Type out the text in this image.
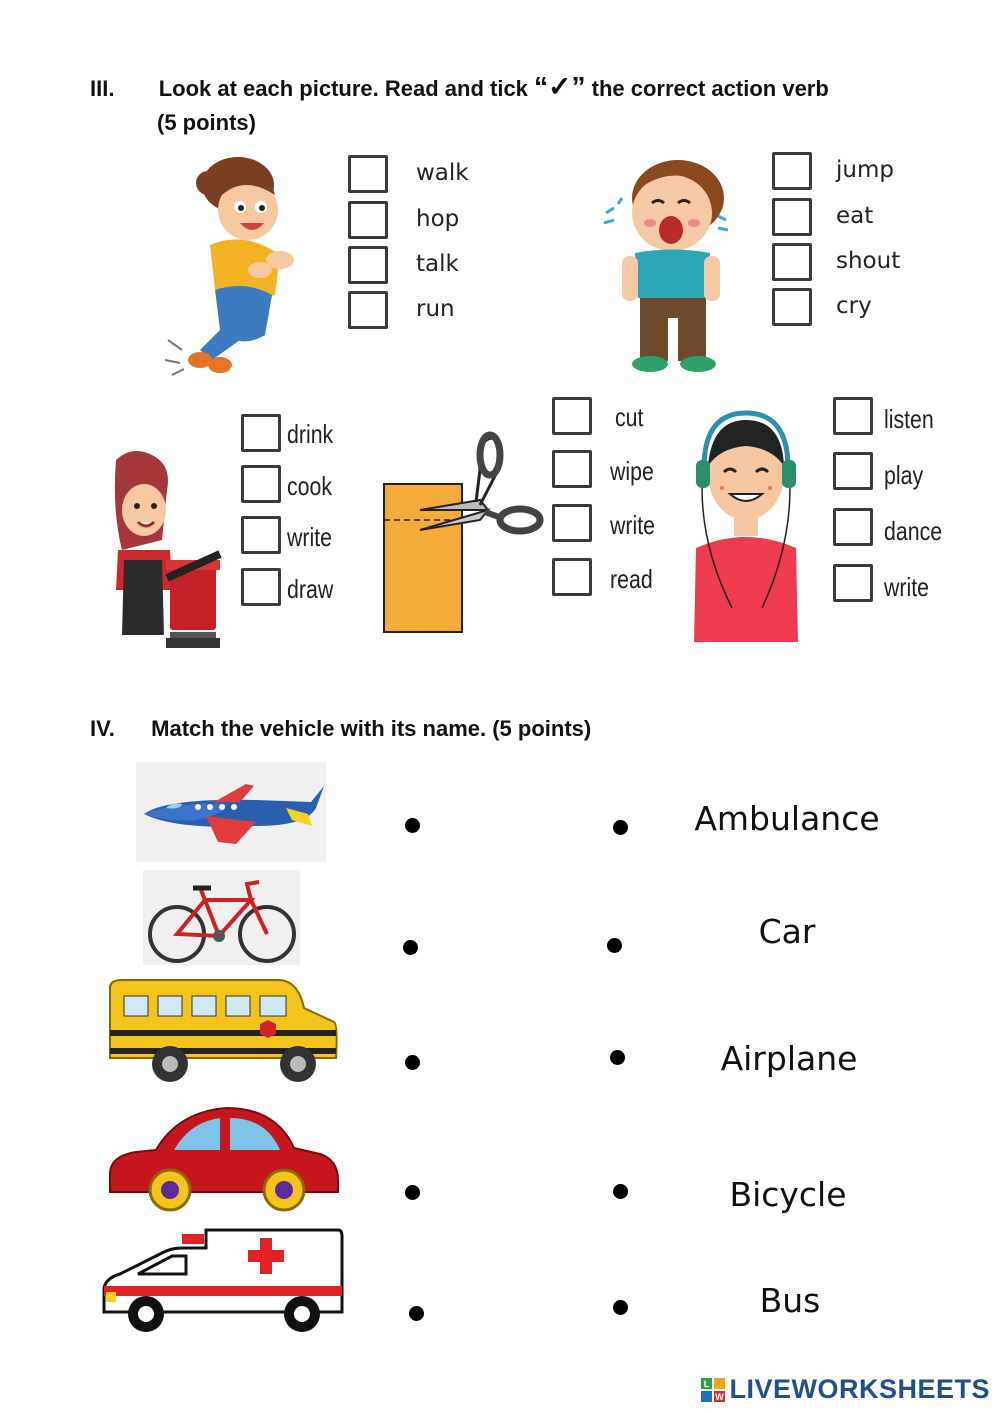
III. Look at each picture. Read and tick “✓” the correct action verb
(5 points)
walk
hop
talk
run
jump
eat
shout
cry
drink
cook
write
draw
cut
wipe
write
read
listen
play
dance
write
IV. Match the vehicle with its name. (5 points)
Ambulance
Car
Airplane
Bicycle
Bus
L
W LIVEWORKSHEETS
